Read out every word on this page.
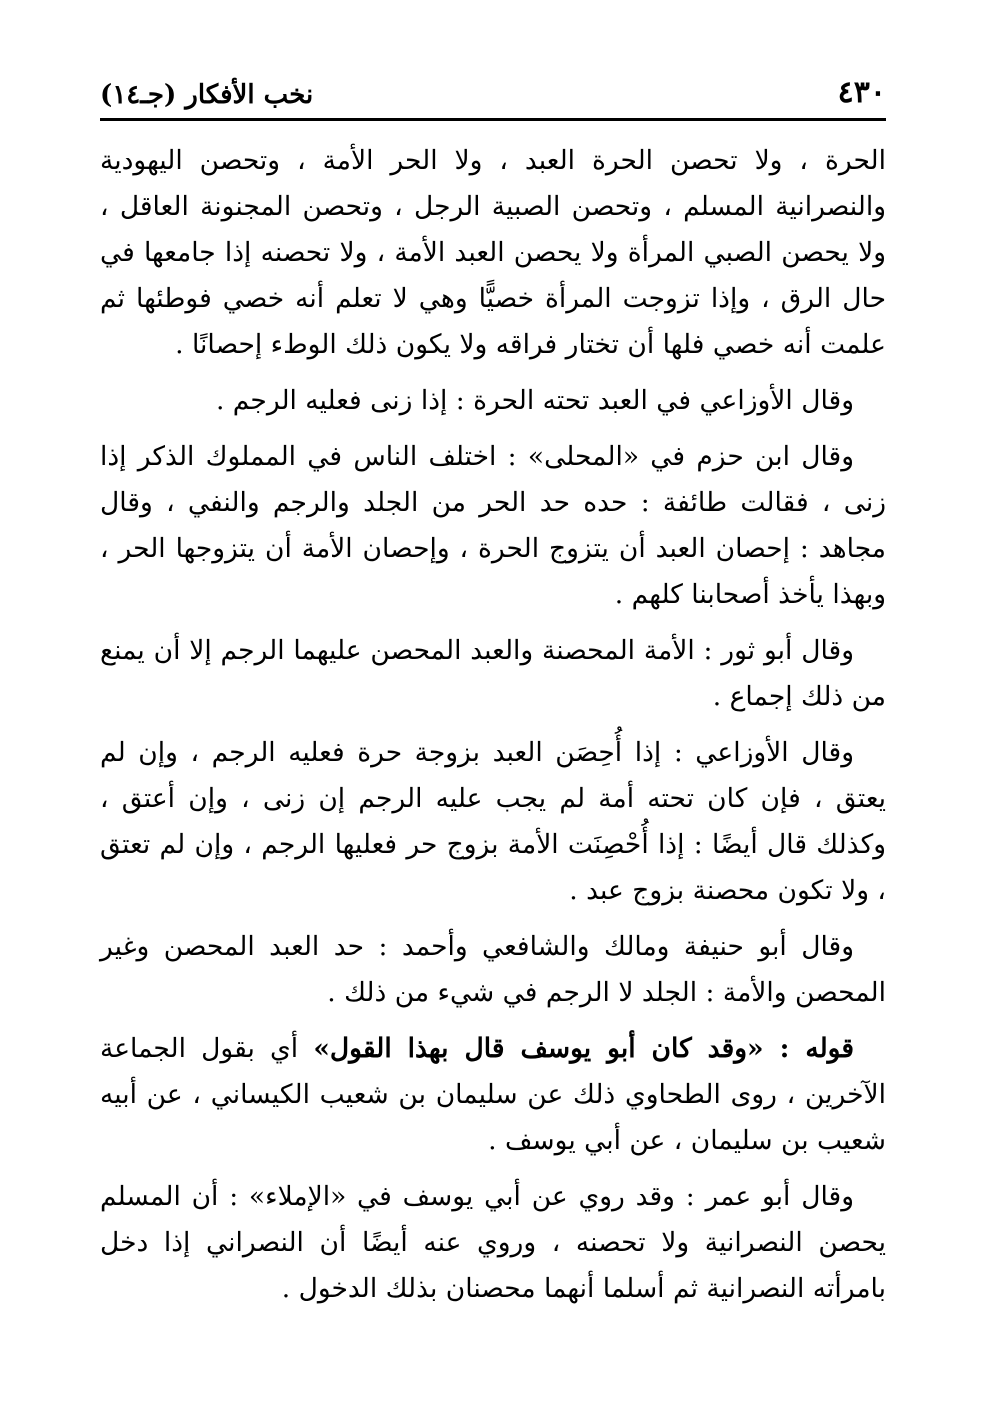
٤٣٠
نخب الأفكار (جـ١٤)

الحرة ، ولا تحصن الحرة العبد ، ولا الحر الأمة ، وتحصن اليهودية والنصرانية المسلم ، وتحصن الصبية الرجل ، وتحصن المجنونة العاقل ، ولا يحصن الصبي المرأة ولا يحصن العبد الأمة ، ولا تحصنه إذا جامعها في حال الرق ، وإذا تزوجت المرأة خصيًّا وهي لا تعلم أنه خصي فوطئها ثم علمت أنه خصي فلها أن تختار فراقه ولا يكون ذلك الوطء إحصانًا .

وقال الأوزاعي في العبد تحته الحرة : إذا زنى فعليه الرجم .

وقال ابن حزم في «المحلى» : اختلف الناس في المملوك الذكر إذا زنى ، فقالت طائفة : حده حد الحر من الجلد والرجم والنفي ، وقال مجاهد : إحصان العبد أن يتزوج الحرة ، وإحصان الأمة أن يتزوجها الحر ، وبهذا يأخذ أصحابنا كلهم .

وقال أبو ثور : الأمة المحصنة والعبد المحصن عليهما الرجم إلا أن يمنع من ذلك إجماع .

وقال الأوزاعي : إذا أُحِصَن العبد بزوجة حرة فعليه الرجم ، وإن لم يعتق ، فإن كان تحته أمة لم يجب عليه الرجم إن زنى ، وإن أعتق ، وكذلك قال أيضًا : إذا أُحْصِنَت الأمة بزوج حر فعليها الرجم ، وإن لم تعتق ، ولا تكون محصنة بزوج عبد .

وقال أبو حنيفة ومالك والشافعي وأحمد : حد العبد المحصن وغير المحصن والأمة : الجلد لا الرجم في شيء من ذلك .

قوله : «وقد كان أبو يوسف قال بهذا القول» أي بقول الجماعة الآخرين ، روى الطحاوي ذلك عن سليمان بن شعيب الكيساني ، عن أبيه شعيب بن سليمان ، عن أبي يوسف .

وقال أبو عمر : وقد روي عن أبي يوسف في «الإملاء» : أن المسلم يحصن النصرانية ولا تحصنه ، وروي عنه أيضًا أن النصراني إذا دخل بامرأته النصرانية ثم أسلما أنهما محصنان بذلك الدخول .
